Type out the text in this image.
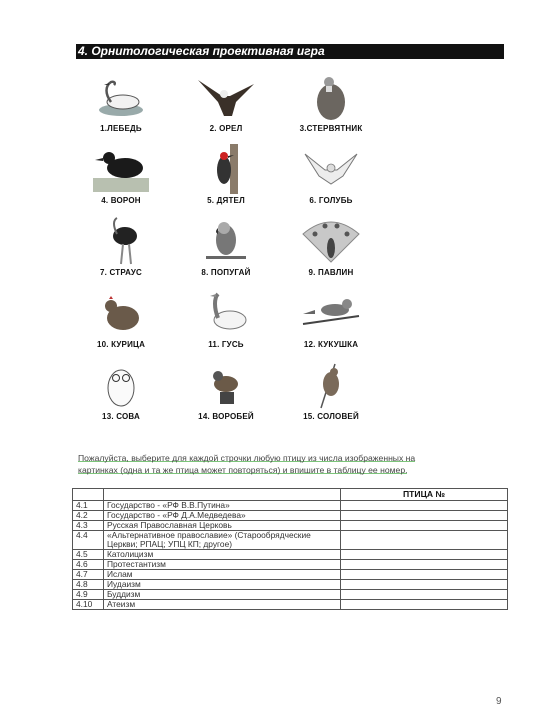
4. Орнитологическая проективная игра
1.ЛЕБЕДЬ	2. ОРЕЛ	3.СТЕРВЯТНИК
4. ВОРОН	5. ДЯТЕЛ	6. ГОЛУБЬ
7. СТРАУС	8. ПОПУГАЙ	9. ПАВЛИН
10. КУРИЦА	11. ГУСЬ	12. КУКУШКА
13. СОВА	14. ВОРОБЕЙ	15. СОЛОВЕЙ
Пожалуйста, выберите для каждой строчки любую птицу из числа изображенных на
картинках (одна и та же птица может повторяться) и впишите в таблицу ее номер.
		ПТИЦА №
4.1	Государство - «РФ В.В.Путина»	
4.2	Государство - «РФ Д.А.Медведева»	
4.3	Русская Православная Церковь	
4.4	«Альтернативное православие» (Старообрядческие Церкви; РПАЦ; УПЦ КП; другое)	
4.5	Католицизм	
4.6	Протестантизм	
4.7	Ислам	
4.8	Иудаизм	
4.9	Буддизм	
4.10	Атеизм	
9
